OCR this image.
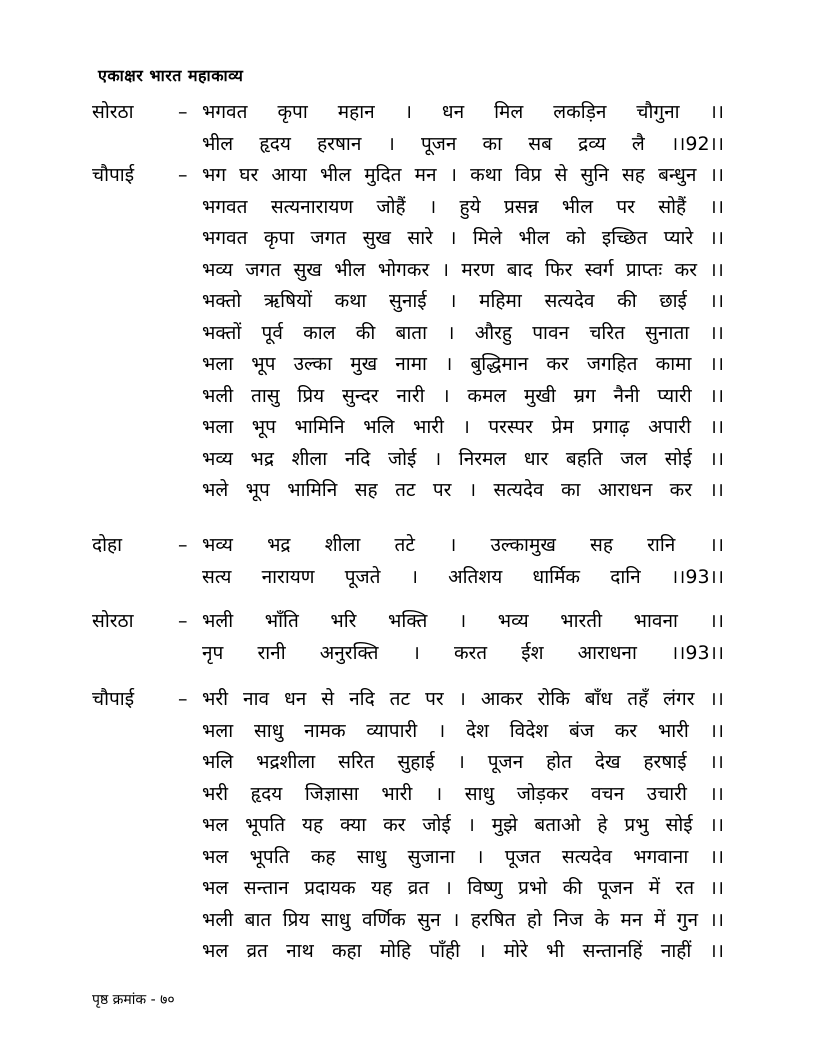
एकाक्षर भारत महाकाव्य
सोरठा	– भगवत कृपा महान । धन मिल लकड़िन चौगुना ।।
भील हृदय हरषान । पूजन का सब द्रव्य लै ।।92।।
चौपाई	– भग घर आया भील मुदित मन । कथा विप्र से सुनि सह बन्धुन ।।
भगवत सत्यनारायण जोहैं । हुये प्रसन्न भील पर सोहैं ।।
भगवत कृपा जगत सुख सारे । मिले भील को इच्छित प्यारे ।।
भव्य जगत सुख भील भोगकर । मरण बाद फिर स्वर्ग प्राप्तः कर ।।
भक्तो ऋषियों कथा सुनाई । महिमा सत्यदेव की छाई ।।
भक्तों पूर्व काल की बाता । औरहु पावन चरित सुनाता ।।
भला भूप उल्का मुख नामा । बुद्धिमान कर जगहित कामा ।।
भली तासु प्रिय सुन्दर नारी । कमल मुखी म्रग नैनी प्यारी ।।
भला भूप भामिनि भलि भारी । परस्पर प्रेम प्रगाढ़ अपारी ।।
भव्य भद्र शीला नदि जोई । निरमल धार बहति जल सोई ।।
भले भूप भामिनि सह तट पर । सत्यदेव का आराधन कर ।।
दोहा	– भव्य भद्र शीला तटे । उल्कामुख सह रानि ।।
सत्य नारायण पूजते । अतिशय धार्मिक दानि ।।93।।
सोरठा	– भली भाँति भरि भक्ति । भव्य भारती भावना ।।
नृप रानी अनुरक्ति । करत ईश आराधना ।।93।।
चौपाई	– भरी नाव धन से नदि तट पर । आकर रोकि बाँध तहँ लंगर ।।
भला साधु नामक व्यापारी । देश विदेश बंज कर भारी ।।
भलि भद्रशीला सरित सुहाई । पूजन होत देख हरषाई ।।
भरी हृदय जिज्ञासा भारी । साधु जोड़कर वचन उचारी ।।
भल भूपति यह क्या कर जोई । मुझे बताओ हे प्रभु सोई ।।
भल भूपति कह साधु सुजाना । पूजत सत्यदेव भगवाना ।।
भल सन्तान प्रदायक यह व्रत । विष्णु प्रभो की पूजन में रत ।।
भली बात प्रिय साधु वर्णिक सुन । हरषित हो निज के मन में गुन ।।
भल व्रत नाथ कहा मोहि पाँही । मोरे भी सन्तानहिं नाहीं ।।
पृष्ठ क्रमांक - ७०
